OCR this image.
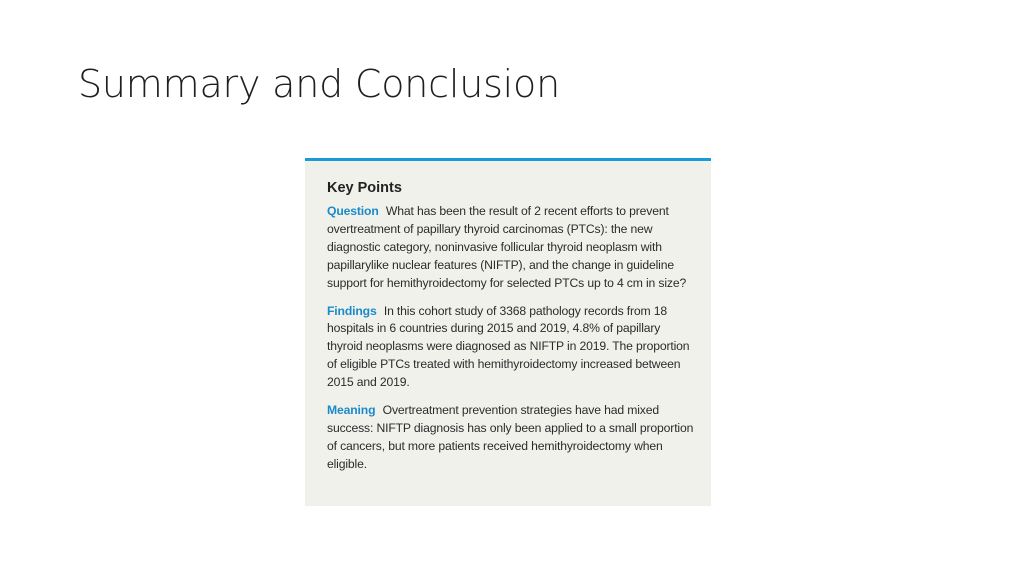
Summary and Conclusion
Key Points

Question What has been the result of 2 recent efforts to prevent overtreatment of papillary thyroid carcinomas (PTCs): the new diagnostic category, noninvasive follicular thyroid neoplasm with papillarylike nuclear features (NIFTP), and the change in guideline support for hemithyroidectomy for selected PTCs up to 4 cm in size?

Findings In this cohort study of 3368 pathology records from 18 hospitals in 6 countries during 2015 and 2019, 4.8% of papillary thyroid neoplasms were diagnosed as NIFTP in 2019. The proportion of eligible PTCs treated with hemithyroidectomy increased between 2015 and 2019.

Meaning Overtreatment prevention strategies have had mixed success: NIFTP diagnosis has only been applied to a small proportion of cancers, but more patients received hemithyroidectomy when eligible.
